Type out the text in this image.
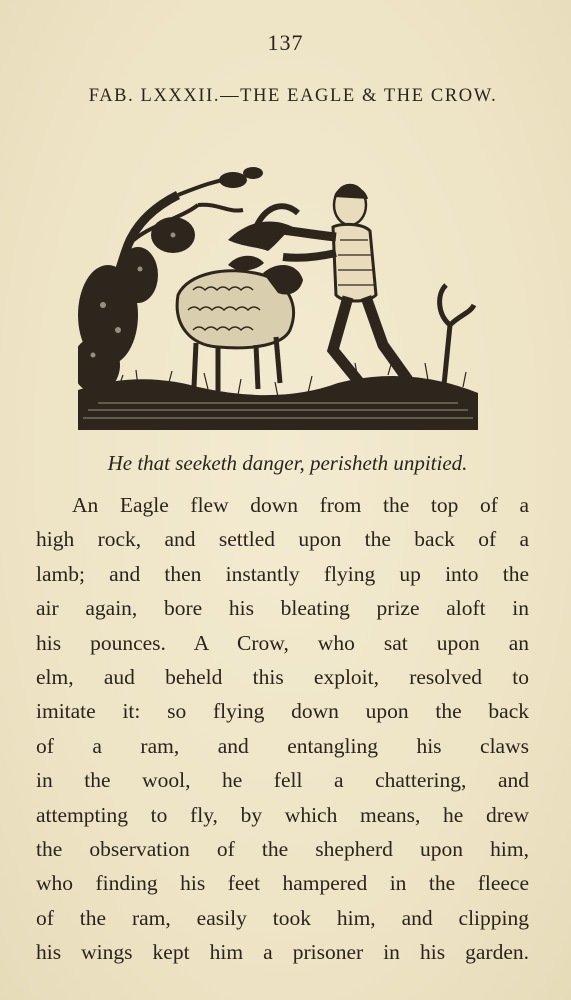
137
FAB. LXXXII.—THE EAGLE & THE CROW.
He that seeketh danger, perisheth unpitied.
An Eagle flew down from the top of a
high rock, and settled upon the back of a
lamb; and then instantly flying up into the
air again, bore his bleating prize aloft in
his pounces. A Crow, who sat upon an
elm, aud beheld this exploit, resolved to
imitate it: so flying down upon the back
of a ram, and entangling his claws
in the wool, he fell a chattering, and
attempting to fly, by which means, he drew
the observation of the shepherd upon him,
who finding his feet hampered in the fleece
of the ram, easily took him, and clipping
his wings kept him a prisoner in his garden.
